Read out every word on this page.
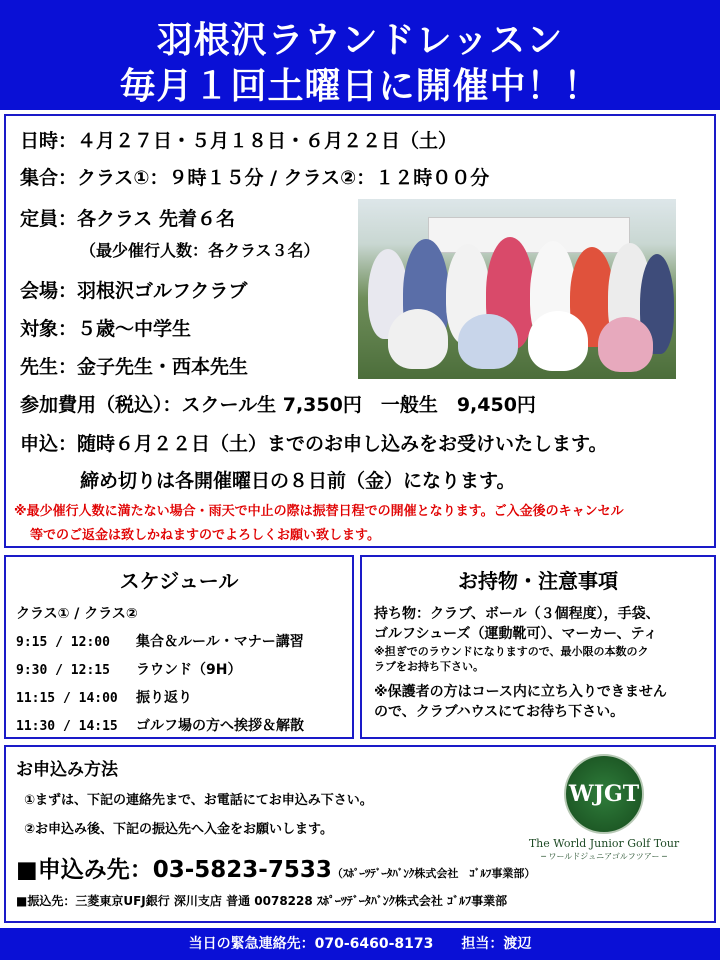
羽根沢ラウンドレッスン
毎月１回土曜日に開催中！！
日時：４月２７日・５月１８日・６月２２日（土）
集合：クラス①：９時１５分 / クラス②：１２時００分
定員：各クラス 先着６名
（最少催行人数：各クラス３名）
会場：羽根沢ゴルフクラブ
対象：５歳～中学生
先生：金子先生・西本先生
参加費用（税込）：スクール生 7,350円　一般生　9,450円
申込：随時６月２２日（土）までのお申し込みをお受けいたします。
締め切りは各開催曜日の８日前（金）になります。
※最少催行人数に満たない場合・雨天で中止の際は振替日程での開催となります。ご入金後のキャンセル
等でのご返金は致しかねますのでよろしくお願い致します。
スケジュール
クラス① / クラス②
9:15 / 12:00 集合＆ルール・マナー講習
9:30 / 12:15 ラウンド（9H）
11:15 / 14:00 振り返り
11:30 / 14:15 ゴルフ場の方へ挨拶＆解散
お持物・注意事項
持ち物：クラブ、ボール（３個程度），手袋、
ゴルフシューズ（運動靴可）、マーカー、ティ
※担ぎでのラウンドになりますので、最小限の本数のク
ラブをお持ち下さい。
※保護者の方はコース内に立ち入りできません
ので、クラブハウスにてお待ち下さい。
お申込み方法
①まずは、下記の連絡先まで、お電話にてお申込み下さい。
②お申込み後、下記の振込先へ入金をお願いします。
■申込み先：03-5823-7533（ｽﾎﾟｰﾂﾃﾞｰﾀﾊﾞﾝｸ株式会社　ｺﾞﾙﾌ事業部）
■振込先：三菱東京UFJ銀行 深川支店 普通 0078228 ｽﾎﾟｰﾂﾃﾞｰﾀﾊﾞﾝｸ株式会社 ｺﾞﾙﾌ事業部
WJGT
The World Junior Golf Tour
─ ワールドジュニアゴルフツアー ─
当日の緊急連絡先：070-6460-8173　　担当：渡辺
